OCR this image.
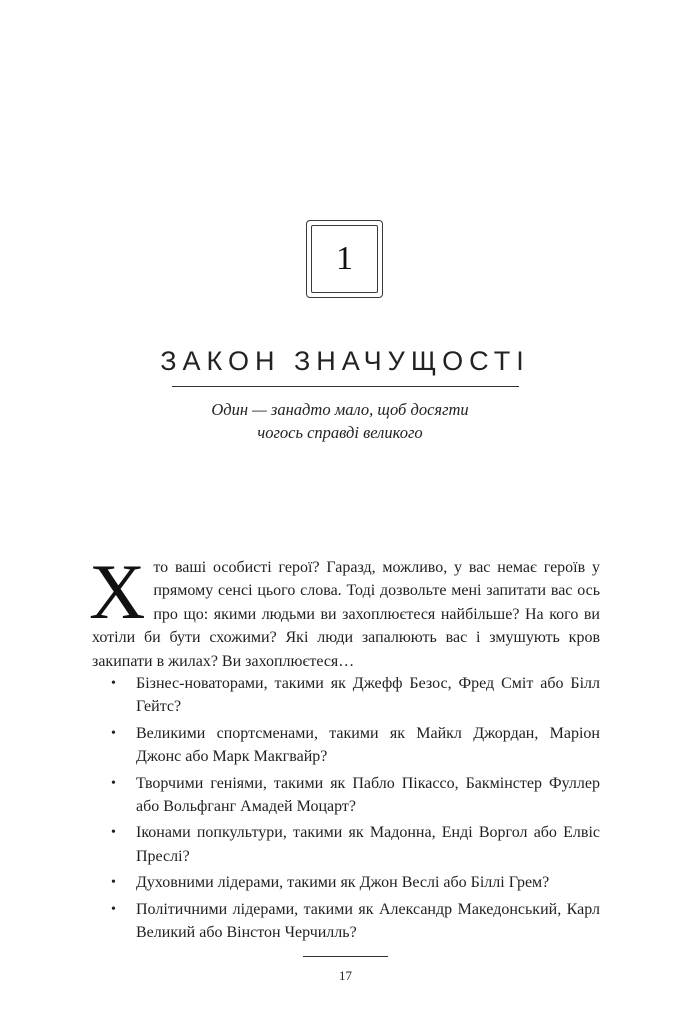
1
ЗАКОН ЗНАЧУЩОСТІ
Один — занадто мало, щоб досягти
чогось справді великого
Х то ваші особисті герої? Гаразд, можливо, у вас немає героїв у прямому сенсі цього слова. Тоді дозвольте мені запитати вас ось про що: якими людьми ви захоплюєтеся найбільше? На кого ви хотіли би бути схожими? Які люди запалюють вас і змушують кров закипати в жилах? Ви захоплюєтеся…
• Бізнес-новаторами, такими як Джефф Безос, Фред Сміт або Білл Гейтс?
• Великими спортсменами, такими як Майкл Джордан, Маріон Джонс або Марк Макгвайр?
• Творчими геніями, такими як Пабло Пікассо, Бакмінстер Фуллер або Вольфганг Амадей Моцарт?
• Іконами попкультури, такими як Мадонна, Енді Воргол або Елвіс Преслі?
• Духовними лідерами, такими як Джон Веслі або Біллі Грем?
• Політичними лідерами, такими як Александр Македонський, Карл Великий або Вінстон Черчилль?
17
